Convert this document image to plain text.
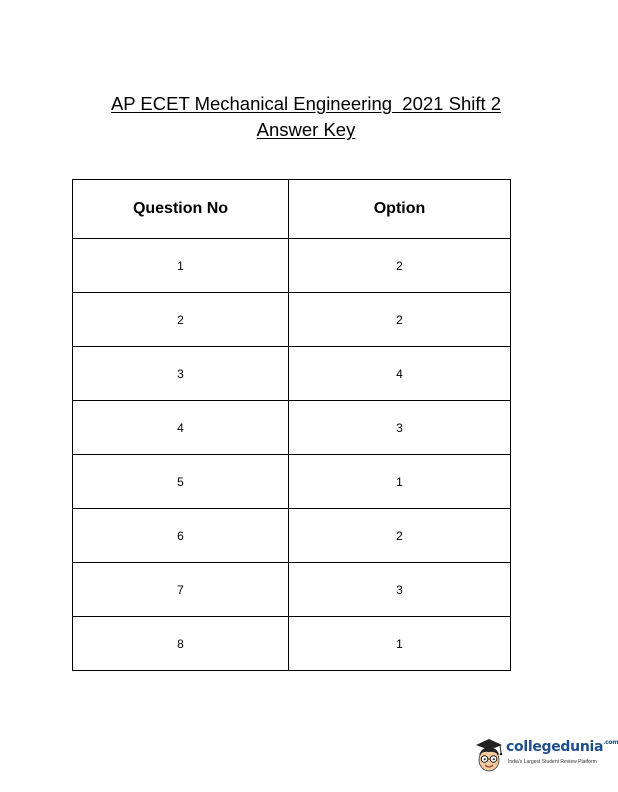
AP ECET Mechanical Engineering  2021 Shift 2
Answer Key
Question No	Option
1	2
2	2
3	4
4	3
5	1
6	2
7	3
8	1
collegedunia$^{.com}$
India's Largest Student Review Platform
